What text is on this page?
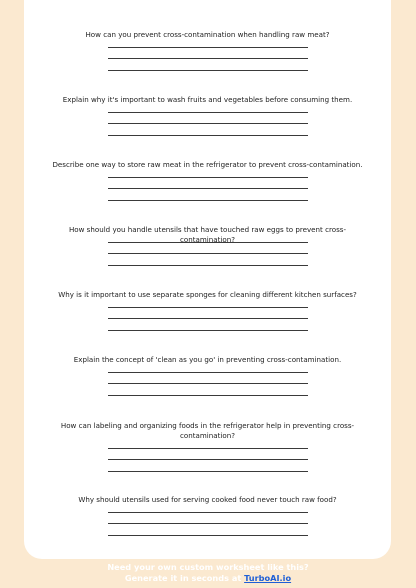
How can you prevent cross-contamination when handling raw meat?
Explain why it's important to wash fruits and vegetables before consuming them.
Describe one way to store raw meat in the refrigerator to prevent cross-contamination.
How should you handle utensils that have touched raw eggs to prevent cross-contamination?
Why is it important to use separate sponges for cleaning different kitchen surfaces?
Explain the concept of 'clean as you go' in preventing cross-contamination.
How can labeling and organizing foods in the refrigerator help in preventing cross-contamination?
Why should utensils used for serving cooked food never touch raw food?
Need your own custom worksheet like this?
Generate it in seconds at TurboAI.io
